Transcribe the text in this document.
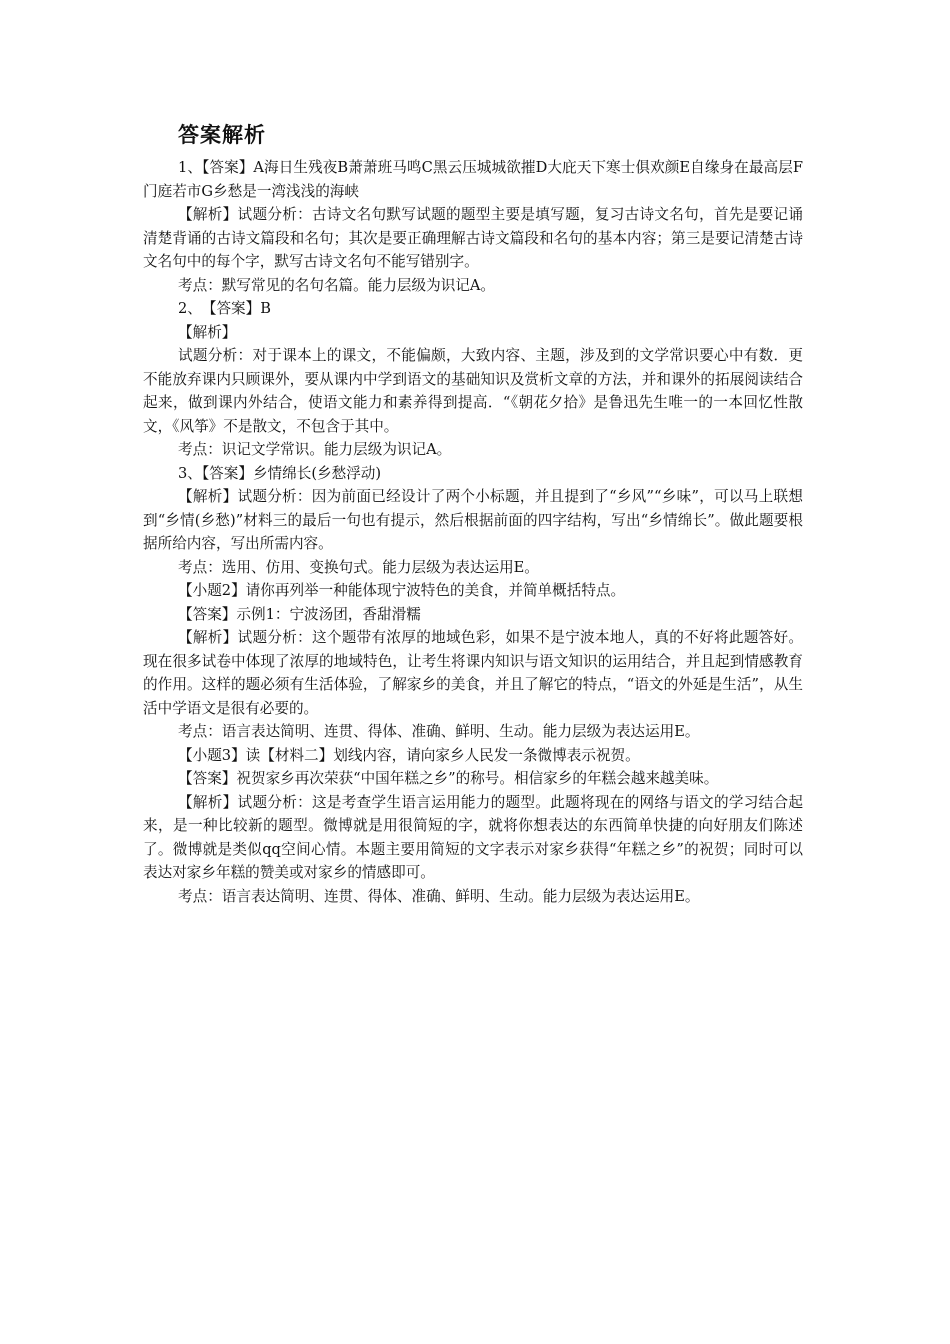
答案解析

1、【答案】A海日生残夜B萧萧班马鸣C黑云压城城欲摧D大庇天下寒士俱欢颜E自缘身在最高层F门庭若市G乡愁是一湾浅浅的海峡

【解析】试题分析：古诗文名句默写试题的题型主要是填写题，复习古诗文名句，首先是要记诵清楚背诵的古诗文篇段和名句；其次是要正确理解古诗文篇段和名句的基本内容；第三是要记清楚古诗文名句中的每个字，默写古诗文名句不能写错别字。

考点：默写常见的名句名篇。能力层级为识记A。

2、　【答案】B

【解析】

试题分析：对于课本上的课文，不能偏颇，大致内容、主题，涉及到的文学常识要心中有数．更不能放弃课内只顾课外，要从课内中学到语文的基础知识及赏析文章的方法，并和课外的拓展阅读结合起来，做到课内外结合，使语文能力和素养得到提高．“《朝花夕拾》是鲁迅先生唯一的一本回忆性散文，《风筝》不是散文，不包含于其中。

考点：识记文学常识。能力层级为识记A。

3、【答案】乡情绵长(乡愁浮动)

【解析】试题分析：因为前面已经设计了两个小标题，并且提到了“乡风”“乡味”，可以马上联想到“乡情(乡愁)”材料三的最后一句也有提示，然后根据前面的四字结构，写出“乡情绵长”。做此题要根据所给内容，写出所需内容。

考点：选用、仿用、变换句式。能力层级为表达运用E。

【小题2】请你再列举一种能体现宁波特色的美食，并简单概括特点。

【答案】示例1：宁波汤团，香甜滑糯

【解析】试题分析：这个题带有浓厚的地域色彩，如果不是宁波本地人，真的不好将此题答好。现在很多试卷中体现了浓厚的地域特色，让考生将课内知识与语文知识的运用结合，并且起到情感教育的作用。这样的题必须有生活体验，了解家乡的美食，并且了解它的特点，“语文的外延是生活”，从生活中学语文是很有必要的。

考点：语言表达简明、连贯、得体、准确、鲜明、生动。能力层级为表达运用E。

【小题3】读【材料二】划线内容，请向家乡人民发一条微博表示祝贺。

【答案】祝贺家乡再次荣获“中国年糕之乡”的称号。相信家乡的年糕会越来越美味。

【解析】试题分析：这是考查学生语言运用能力的题型。此题将现在的网络与语文的学习结合起来，是一种比较新的题型。微博就是用很简短的字，就将你想表达的东西简单快捷的向好朋友们陈述了。微博就是类似qq空间心情。本题主要用简短的文字表示对家乡获得“年糕之乡”的祝贺；同时可以表达对家乡年糕的赞美或对家乡的情感即可。

考点：语言表达简明、连贯、得体、准确、鲜明、生动。能力层级为表达运用E。
